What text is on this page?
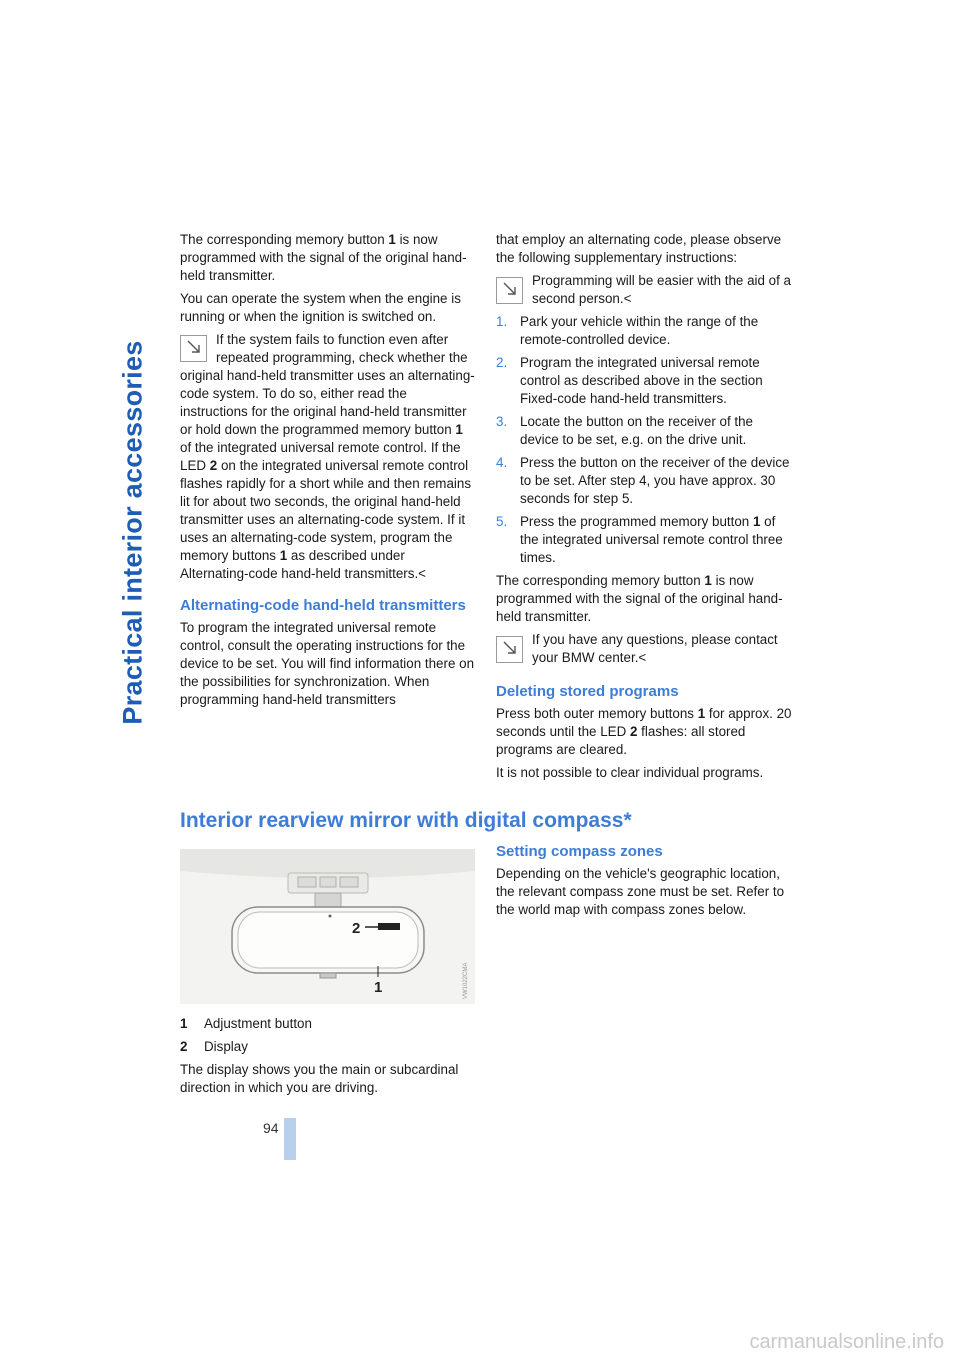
Practical interior accessories
94

The corresponding memory button 1 is now programmed with the signal of the original hand-held transmitter.

You can operate the system when the engine is running or when the ignition is switched on.

If the system fails to function even after repeated programming, check whether the original hand-held transmitter uses an alternating-code system. To do so, either read the instructions for the original hand-held transmitter or hold down the programmed memory button 1 of the integrated universal remote control. If the LED 2 on the integrated universal remote control flashes rapidly for a short while and then remains lit for about two seconds, the original hand-held transmitter uses an alternating-code system. If it uses an alternating-code system, program the memory buttons 1 as described under Alternating-code hand-held transmitters.<
Alternating-code hand-held transmitters

To program the integrated universal remote control, consult the operating instructions for the device to be set. You will find information there on the possibilities for synchronization. When programming hand-held transmitters

that employ an alternating code, please observe the following supplementary instructions:

Programming will be easier with the aid of a second person.<
1. Park your vehicle within the range of the remote-controlled device.
2. Program the integrated universal remote control as described above in the section Fixed-code hand-held transmitters.
3. Locate the button on the receiver of the device to be set, e.g. on the drive unit.
4. Press the button on the receiver of the device to be set. After step 4, you have approx. 30 seconds for step 5.
5. Press the programmed memory button 1 of the integrated universal remote control three times.

The corresponding memory button 1 is now programmed with the signal of the original hand-held transmitter.

If you have any questions, please contact your BMW center.<
Deleting stored programs

Press both outer memory buttons 1 for approx. 20 seconds until the LED 2 flashes: all stored programs are cleared.

It is not possible to clear individual programs.

Interior rearview mirror with digital compass*
2
1	VW1022CMA
1	Adjustment button
2	Display

The display shows you the main or subcardinal direction in which you are driving.

Setting compass zones

Depending on the vehicle's geographic location, the relevant compass zone must be set. Refer to the world map with compass zones below.

carmanualsonline.info
